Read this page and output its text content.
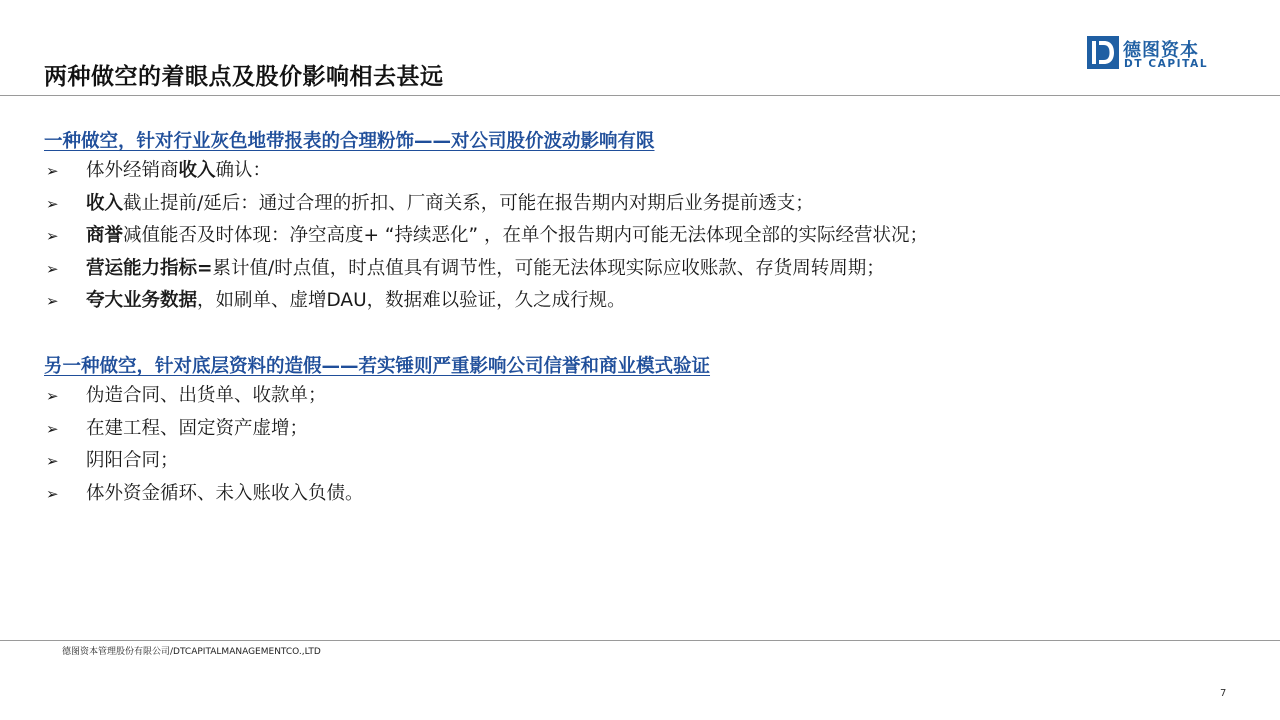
两种做空的着眼点及股价影响相去甚远
德图资本
DT CAPITAL
一种做空，针对行业灰色地带报表的合理粉饰——对公司股价波动影响有限
➢ 体外经销商收入确认：
➢ 收入截止提前/延后：通过合理的折扣、厂商关系，可能在报告期内对期后业务提前透支；
➢ 商誉减值能否及时体现：净空高度+ “持续恶化” ，在单个报告期内可能无法体现全部的实际经营状况；
➢ 营运能力指标=累计值/时点值，时点值具有调节性，可能无法体现实际应收账款、存货周转周期；
➢ 夸大业务数据，如刷单、虚增DAU，数据难以验证，久之成行规。
另一种做空，针对底层资料的造假——若实锤则严重影响公司信誉和商业模式验证
➢ 伪造合同、出货单、收款单；
➢ 在建工程、固定资产虚增；
➢ 阴阳合同；
➢ 体外资金循环、未入账收入负债。
德图资本管理股份有限公司/DTCAPITALMANAGEMENTCO.,LTD
7
